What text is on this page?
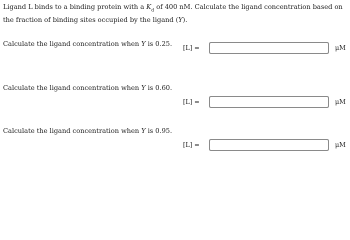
Ligand L binds to a binding protein with a $K_d$ of 400 nM. Calculate the ligand concentration based on the fraction of binding sites occupied by the ligand (Y).

Calculate the ligand concentration when Y is 0.25. [L] =	μM

Calculate the ligand concentration when Y is 0.60.

[L] =	μM

Calculate the ligand concentration when Y is 0.95.

[L] =	μM
